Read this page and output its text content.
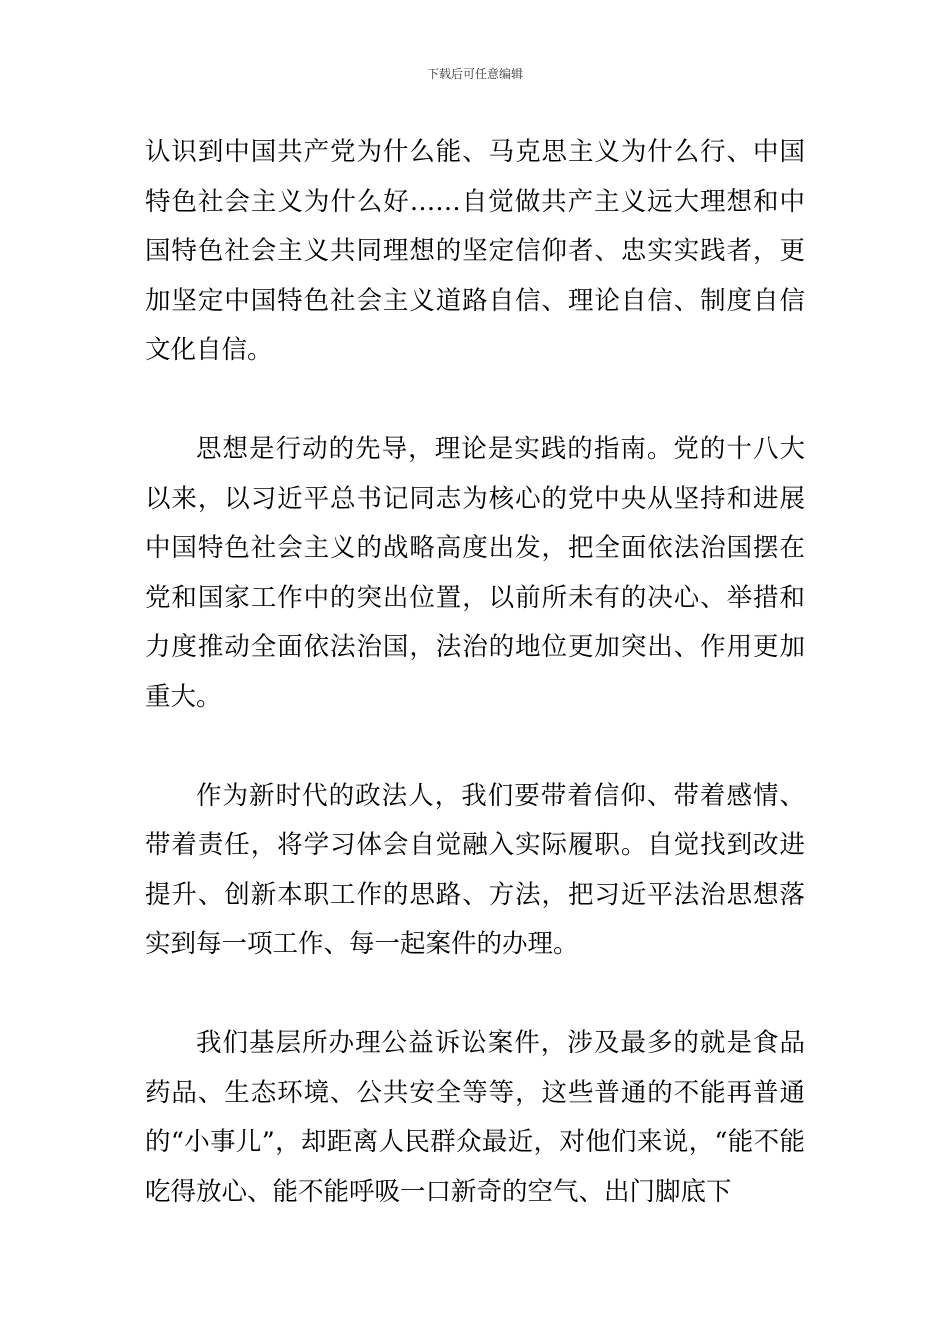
下载后可任意编辑

认识到中国共产党为什么能、马克思主义为什么行、中国特色社会主义为什么好……自觉做共产主义远大理想和中国特色社会主义共同理想的坚定信仰者、忠实实践者，更加坚定中国特色社会主义道路自信、理论自信、制度自信文化自信。

思想是行动的先导，理论是实践的指南。党的十八大以来，以习近平总书记同志为核心的党中央从坚持和进展中国特色社会主义的战略高度出发，把全面依法治国摆在党和国家工作中的突出位置，以前所未有的决心、举措和力度推动全面依法治国，法治的地位更加突出、作用更加重大。

作为新时代的政法人，我们要带着信仰、带着感情、带着责任，将学习体会自觉融入实际履职。自觉找到改进提升、创新本职工作的思路、方法，把习近平法治思想落实到每一项工作、每一起案件的办理。

我们基层所办理公益诉讼案件，涉及最多的就是食品药品、生态环境、公共安全等等，这些普通的不能再普通的“小事儿”，却距离人民群众最近，对他们来说，“能不能吃得放心、能不能呼吸一口新奇的空气、出门脚底下
